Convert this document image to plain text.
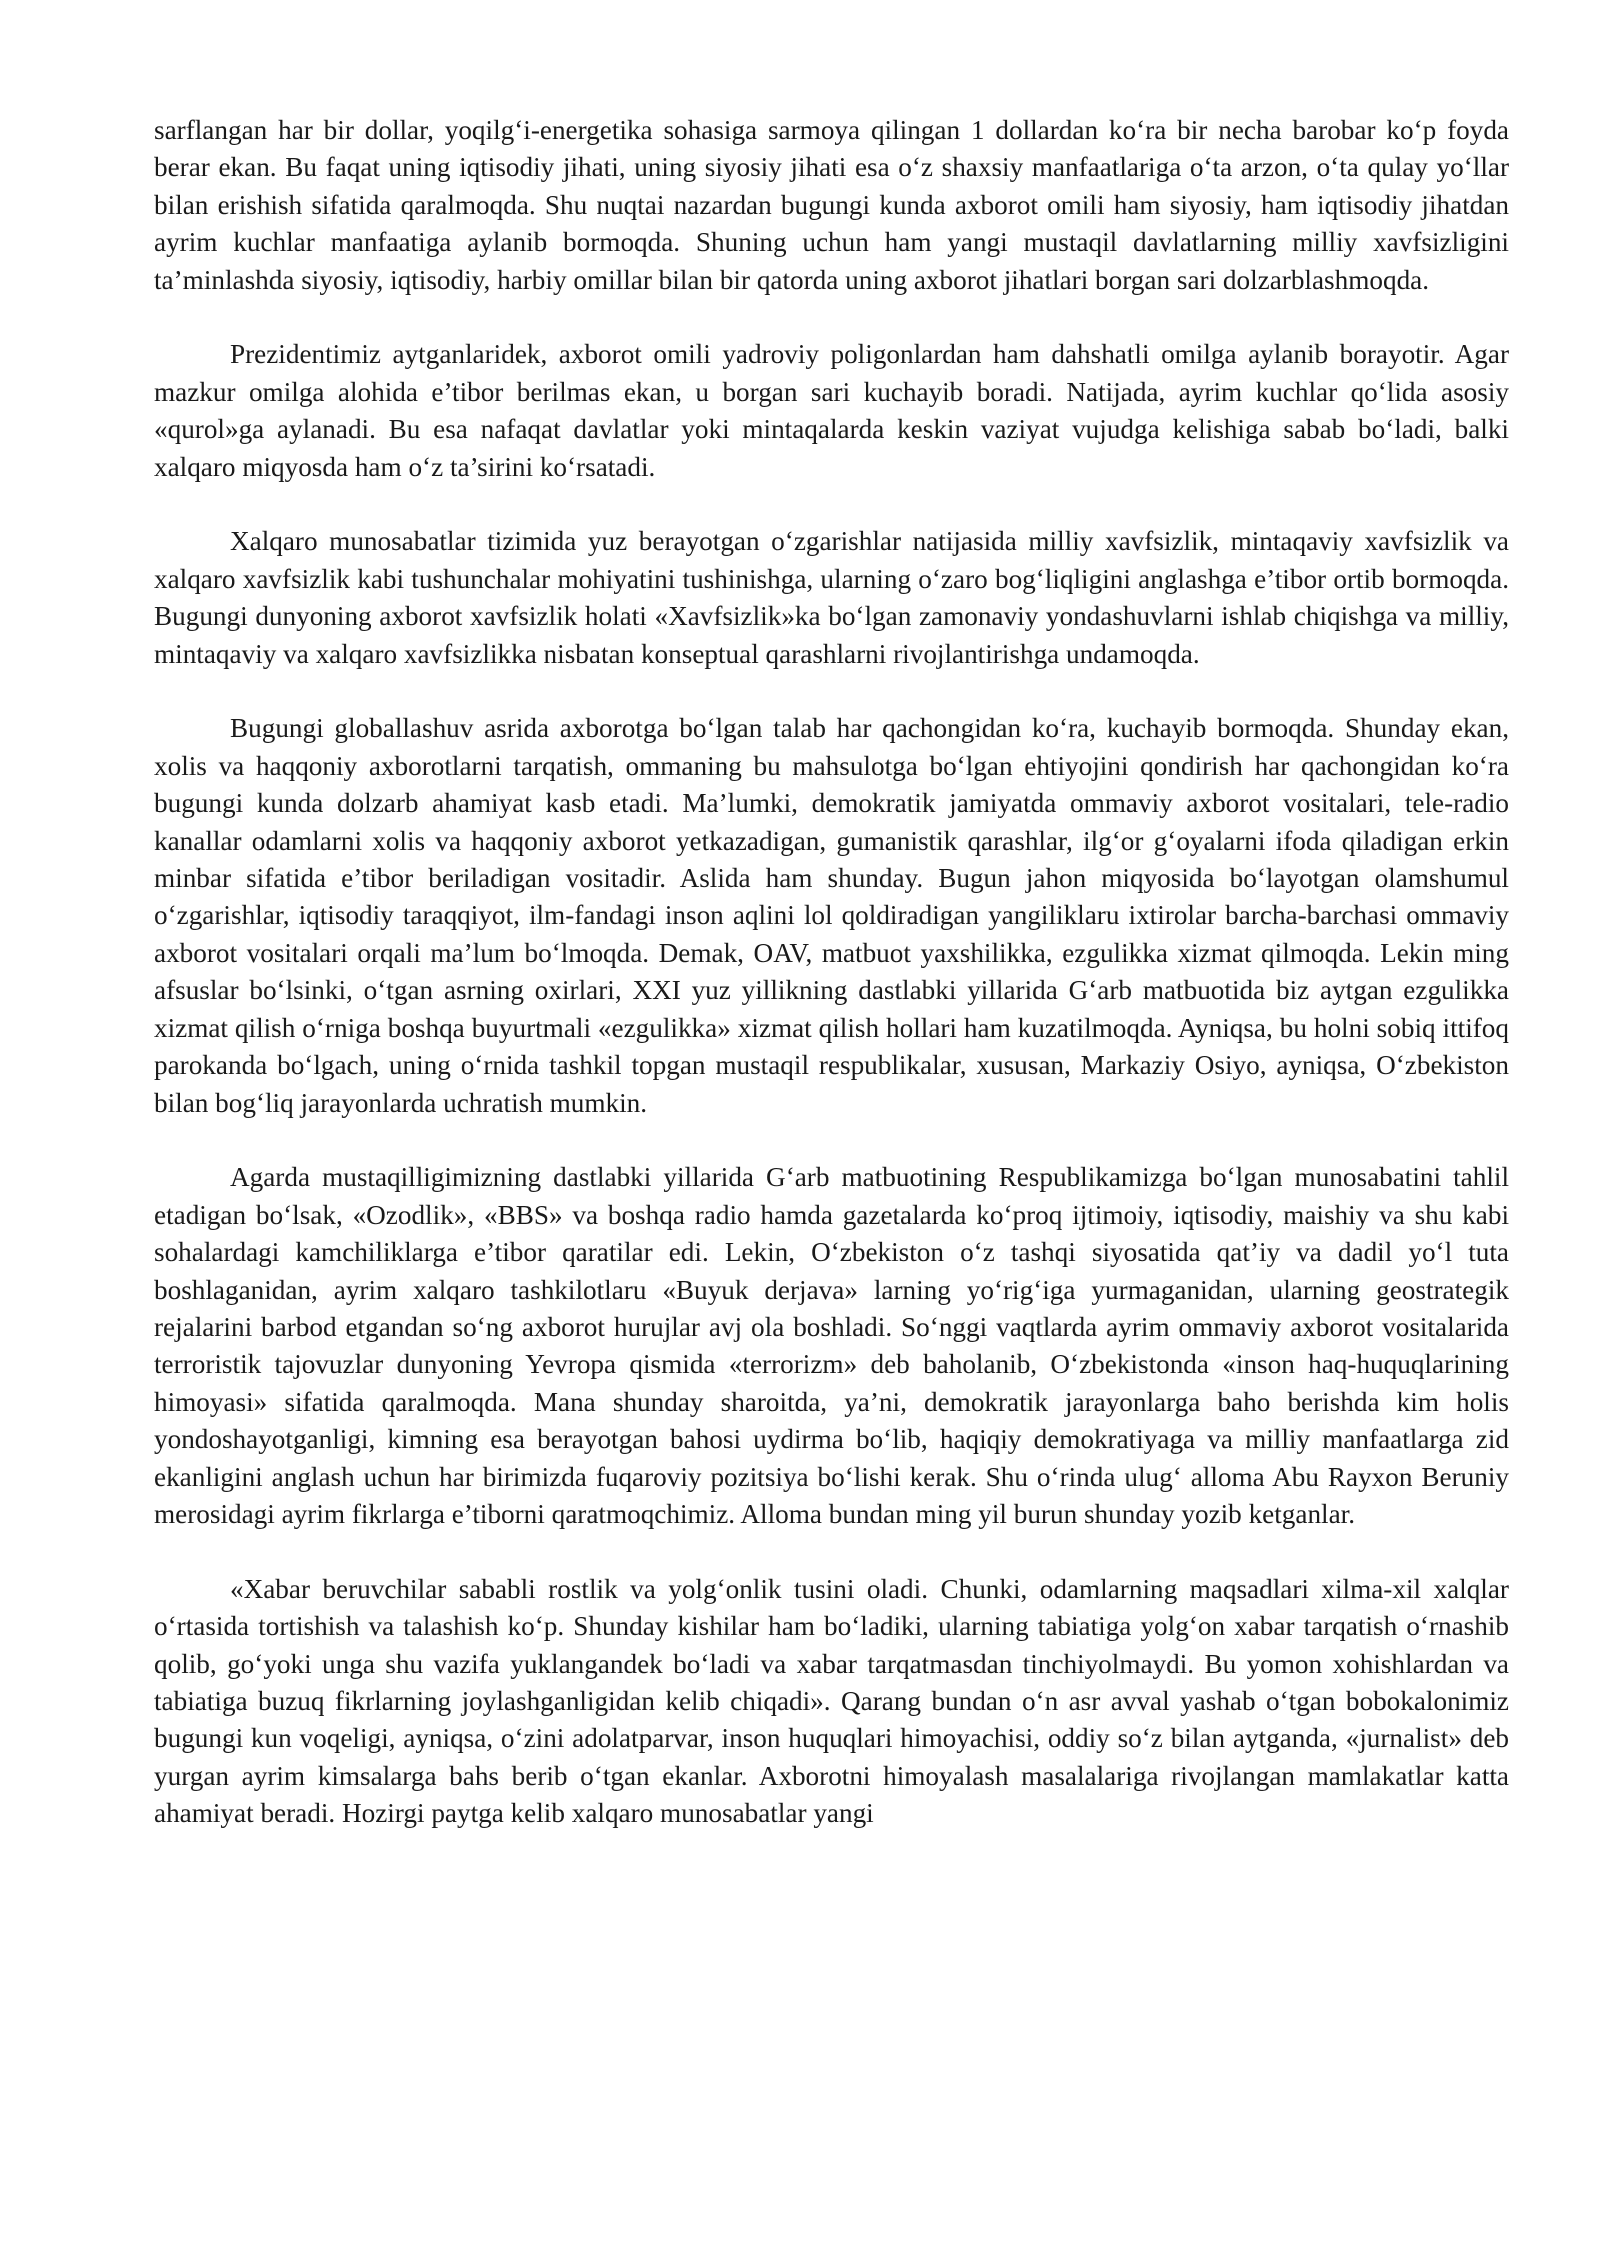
sarflangan har bir dollar, yoqilg‘i-energetika sohasiga sarmoya qilingan 1 dollardan ko‘ra bir necha barobar ko‘p foyda berar ekan. Bu faqat uning iqtisodiy jihati, uning siyosiy jihati esa o‘z shaxsiy manfaatlariga o‘ta arzon, o‘ta qulay yo‘llar bilan erishish sifatida qaralmoqda. Shu nuqtai nazardan bugungi kunda axborot omili ham siyosiy, ham iqtisodiy jihatdan ayrim kuchlar manfaatiga aylanib bormoqda. Shuning uchun ham yangi mustaqil davlatlarning milliy xavfsizligini ta’minlashda siyosiy, iqtisodiy, harbiy omillar bilan bir qatorda uning axborot jihatlari borgan sari dolzarblashmoqda.

Prezidentimiz aytganlaridek, axborot omili yadroviy poligonlardan ham dahshatli omilga aylanib borayotir. Agar mazkur omilga alohida e’tibor berilmas ekan, u borgan sari kuchayib boradi. Natijada, ayrim kuchlar qo‘lida asosiy «qurol»ga aylanadi. Bu esa nafaqat davlatlar yoki mintaqalarda keskin vaziyat vujudga kelishiga sabab bo‘ladi, balki xalqaro miqyosda ham o‘z ta’sirini ko‘rsatadi.

Xalqaro munosabatlar tizimida yuz berayotgan o‘zgarishlar natijasida milliy xavfsizlik, mintaqaviy xavfsizlik va xalqaro xavfsizlik kabi tushunchalar mohiyatini tushinishga, ularning o‘zaro bog‘liqligini anglashga e’tibor ortib bormoqda. Bugungi dunyoning axborot xavfsizlik holati «Xavfsizlik»ka bo‘lgan zamonaviy yondashuvlarni ishlab chiqishga va milliy, mintaqaviy va xalqaro xavfsizlikka nisbatan konseptual qarashlarni rivojlantirishga undamoqda.

Bugungi globallashuv asrida axborotga bo‘lgan talab har qachongidan ko‘ra, kuchayib bormoqda. Shunday ekan, xolis va haqqoniy axborotlarni tarqatish, ommaning bu mahsulotga bo‘lgan ehtiyojini qondirish har qachongidan ko‘ra bugungi kunda dolzarb ahamiyat kasb etadi. Ma’lumki, demokratik jamiyatda ommaviy axborot vositalari, tele-radio kanallar odamlarni xolis va haqqoniy axborot yetkazadigan, gumanistik qarashlar, ilg‘or g‘oyalarni ifoda qiladigan erkin minbar sifatida e’tibor beriladigan vositadir. Aslida ham shunday. Bugun jahon miqyosida bo‘layotgan olamshumul o‘zgarishlar, iqtisodiy taraqqiyot, ilm-fandagi inson aqlini lol qoldiradigan yangiliklaru ixtirolar barcha-barchasi ommaviy axborot vositalari orqali ma’lum bo‘lmoqda. Demak, OAV, matbuot yaxshilikka, ezgulikka xizmat qilmoqda. Lekin ming afsuslar bo‘lsinki, o‘tgan asrning oxirlari, XXI yuz yillikning dastlabki yillarida G‘arb matbuotida biz aytgan ezgulikka xizmat qilish o‘rniga boshqa buyurtmali «ezgulikka» xizmat qilish hollari ham kuzatilmoqda. Ayniqsa, bu holni sobiq ittifoq parokanda bo‘lgach, uning o‘rnida tashkil topgan mustaqil respublikalar, xususan, Markaziy Osiyo, ayniqsa, O‘zbekiston bilan bog‘liq jarayonlarda uchratish mumkin.

Agarda mustaqilligimizning dastlabki yillarida G‘arb matbuotining Respublikamizga bo‘lgan munosabatini tahlil etadigan bo‘lsak, «Ozodlik», «BBS» va boshqa radio hamda gazetalarda ko‘proq ijtimoiy, iqtisodiy, maishiy va shu kabi sohalardagi kamchiliklarga e’tibor qaratilar edi. Lekin, O‘zbekiston o‘z tashqi siyosatida qat’iy va dadil yo‘l tuta boshlaganidan, ayrim xalqaro tashkilotlaru «Buyuk derjava» larning yo‘rig‘iga yurmaganidan, ularning geostrategik rejalarini barbod etgandan so‘ng axborot hurujlar avj ola boshladi. So‘nggi vaqtlarda ayrim ommaviy axborot vositalarida terroristik tajovuzlar dunyoning Yevropa qismida «terrorizm» deb baholanib, O‘zbekistonda «inson haq-huquqlarining himoyasi» sifatida qaralmoqda. Mana shunday sharoitda, ya’ni, demokratik jarayonlarga baho berishda kim holis yondoshayotganligi, kimning esa berayotgan bahosi uydirma bo‘lib, haqiqiy demokratiyaga va milliy manfaatlarga zid ekanligini anglash uchun har birimizda fuqaroviy pozitsiya bo‘lishi kerak. Shu o‘rinda ulug‘ alloma Abu Rayxon Beruniy merosidagi ayrim fikrlarga e’tiborni qaratmoqchimiz. Alloma bundan ming yil burun shunday yozib ketganlar.

«Xabar beruvchilar sababli rostlik va yolg‘onlik tusini oladi. Chunki, odamlarning maqsadlari xilma-xil xalqlar o‘rtasida tortishish va talashish ko‘p. Shunday kishilar ham bo‘ladiki, ularning tabiatiga yolg‘on xabar tarqatish o‘rnashib qolib, go‘yoki unga shu vazifa yuklangandek bo‘ladi va xabar tarqatmasdan tinchiyolmaydi. Bu yomon xohishlardan va tabiatiga buzuq fikrlarning joylashganligidan kelib chiqadi». Qarang bundan o‘n asr avval yashab o‘tgan bobokalonimiz bugungi kun voqeligi, ayniqsa, o‘zini adolatparvar, inson huquqlari himoyachisi, oddiy so‘z bilan aytganda, «jurnalist» deb yurgan ayrim kimsalarga bahs berib o‘tgan ekanlar. Axborotni himoyalash masalalariga rivojlangan mamlakatlar katta ahamiyat beradi. Hozirgi paytga kelib xalqaro munosabatlar yangi
